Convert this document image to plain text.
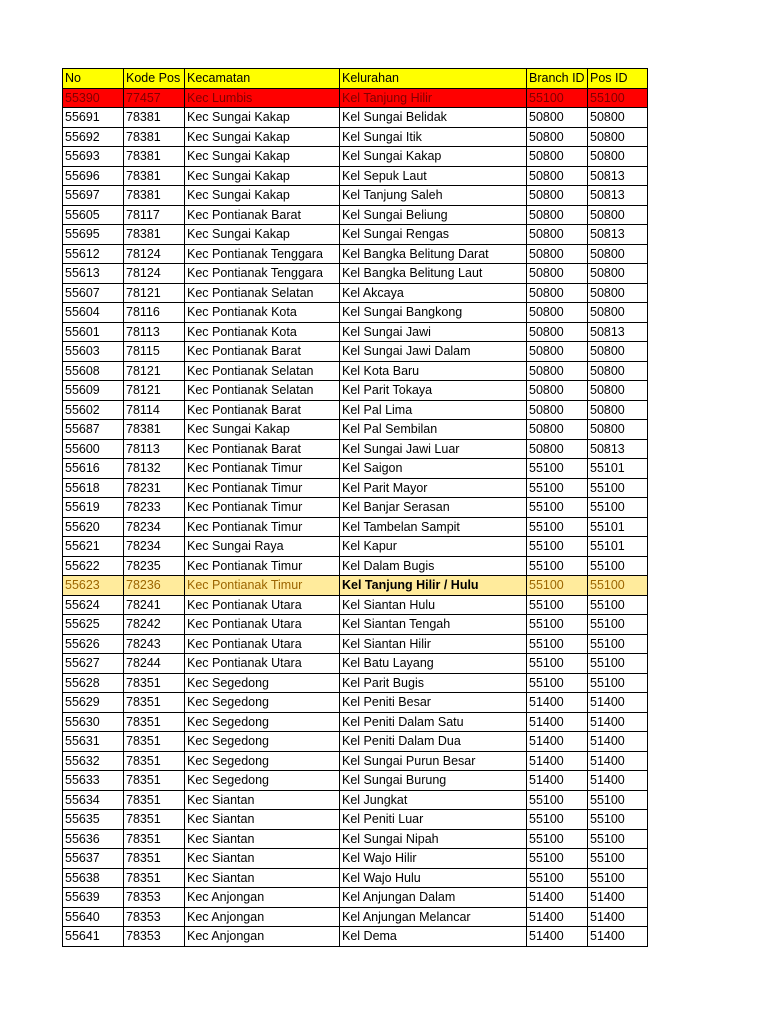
No	Kode Pos	Kecamatan	Kelurahan	Branch ID	Pos ID
55390	77457	Kec Lumbis	Kel Tanjung Hilir	55100	55100
55691	78381	Kec Sungai Kakap	Kel Sungai Belidak	50800	50800
55692	78381	Kec Sungai Kakap	Kel Sungai Itik	50800	50800
55693	78381	Kec Sungai Kakap	Kel Sungai Kakap	50800	50800
55696	78381	Kec Sungai Kakap	Kel Sepuk Laut	50800	50813
55697	78381	Kec Sungai Kakap	Kel Tanjung Saleh	50800	50813
55605	78117	Kec Pontianak Barat	Kel Sungai Beliung	50800	50800
55695	78381	Kec Sungai Kakap	Kel Sungai Rengas	50800	50813
55612	78124	Kec Pontianak Tenggara	Kel Bangka Belitung Darat	50800	50800
55613	78124	Kec Pontianak Tenggara	Kel Bangka Belitung Laut	50800	50800
55607	78121	Kec Pontianak Selatan	Kel Akcaya	50800	50800
55604	78116	Kec Pontianak Kota	Kel Sungai Bangkong	50800	50800
55601	78113	Kec Pontianak Kota	Kel Sungai Jawi	50800	50813
55603	78115	Kec Pontianak Barat	Kel Sungai Jawi Dalam	50800	50800
55608	78121	Kec Pontianak Selatan	Kel Kota Baru	50800	50800
55609	78121	Kec Pontianak Selatan	Kel Parit Tokaya	50800	50800
55602	78114	Kec Pontianak Barat	Kel Pal Lima	50800	50800
55687	78381	Kec Sungai Kakap	Kel Pal Sembilan	50800	50800
55600	78113	Kec Pontianak Barat	Kel Sungai Jawi Luar	50800	50813
55616	78132	Kec Pontianak Timur	Kel Saigon	55100	55101
55618	78231	Kec Pontianak Timur	Kel Parit Mayor	55100	55100
55619	78233	Kec Pontianak Timur	Kel Banjar Serasan	55100	55100
55620	78234	Kec Pontianak Timur	Kel Tambelan Sampit	55100	55101
55621	78234	Kec Sungai Raya	Kel Kapur	55100	55101
55622	78235	Kec Pontianak Timur	Kel Dalam Bugis	55100	55100
55623	78236	Kec Pontianak Timur	Kel Tanjung Hilir / Hulu	55100	55100
55624	78241	Kec Pontianak Utara	Kel Siantan Hulu	55100	55100
55625	78242	Kec Pontianak Utara	Kel Siantan Tengah	55100	55100
55626	78243	Kec Pontianak Utara	Kel Siantan Hilir	55100	55100
55627	78244	Kec Pontianak Utara	Kel Batu Layang	55100	55100
55628	78351	Kec Segedong	Kel Parit Bugis	55100	55100
55629	78351	Kec Segedong	Kel Peniti Besar	51400	51400
55630	78351	Kec Segedong	Kel Peniti Dalam Satu	51400	51400
55631	78351	Kec Segedong	Kel Peniti Dalam Dua	51400	51400
55632	78351	Kec Segedong	Kel Sungai Purun Besar	51400	51400
55633	78351	Kec Segedong	Kel Sungai Burung	51400	51400
55634	78351	Kec Siantan	Kel Jungkat	55100	55100
55635	78351	Kec Siantan	Kel Peniti Luar	55100	55100
55636	78351	Kec Siantan	Kel Sungai Nipah	55100	55100
55637	78351	Kec Siantan	Kel Wajo Hilir	55100	55100
55638	78351	Kec Siantan	Kel Wajo Hulu	55100	55100
55639	78353	Kec Anjongan	Kel Anjungan Dalam	51400	51400
55640	78353	Kec Anjongan	Kel Anjungan Melancar	51400	51400
55641	78353	Kec Anjongan	Kel Dema	51400	51400
